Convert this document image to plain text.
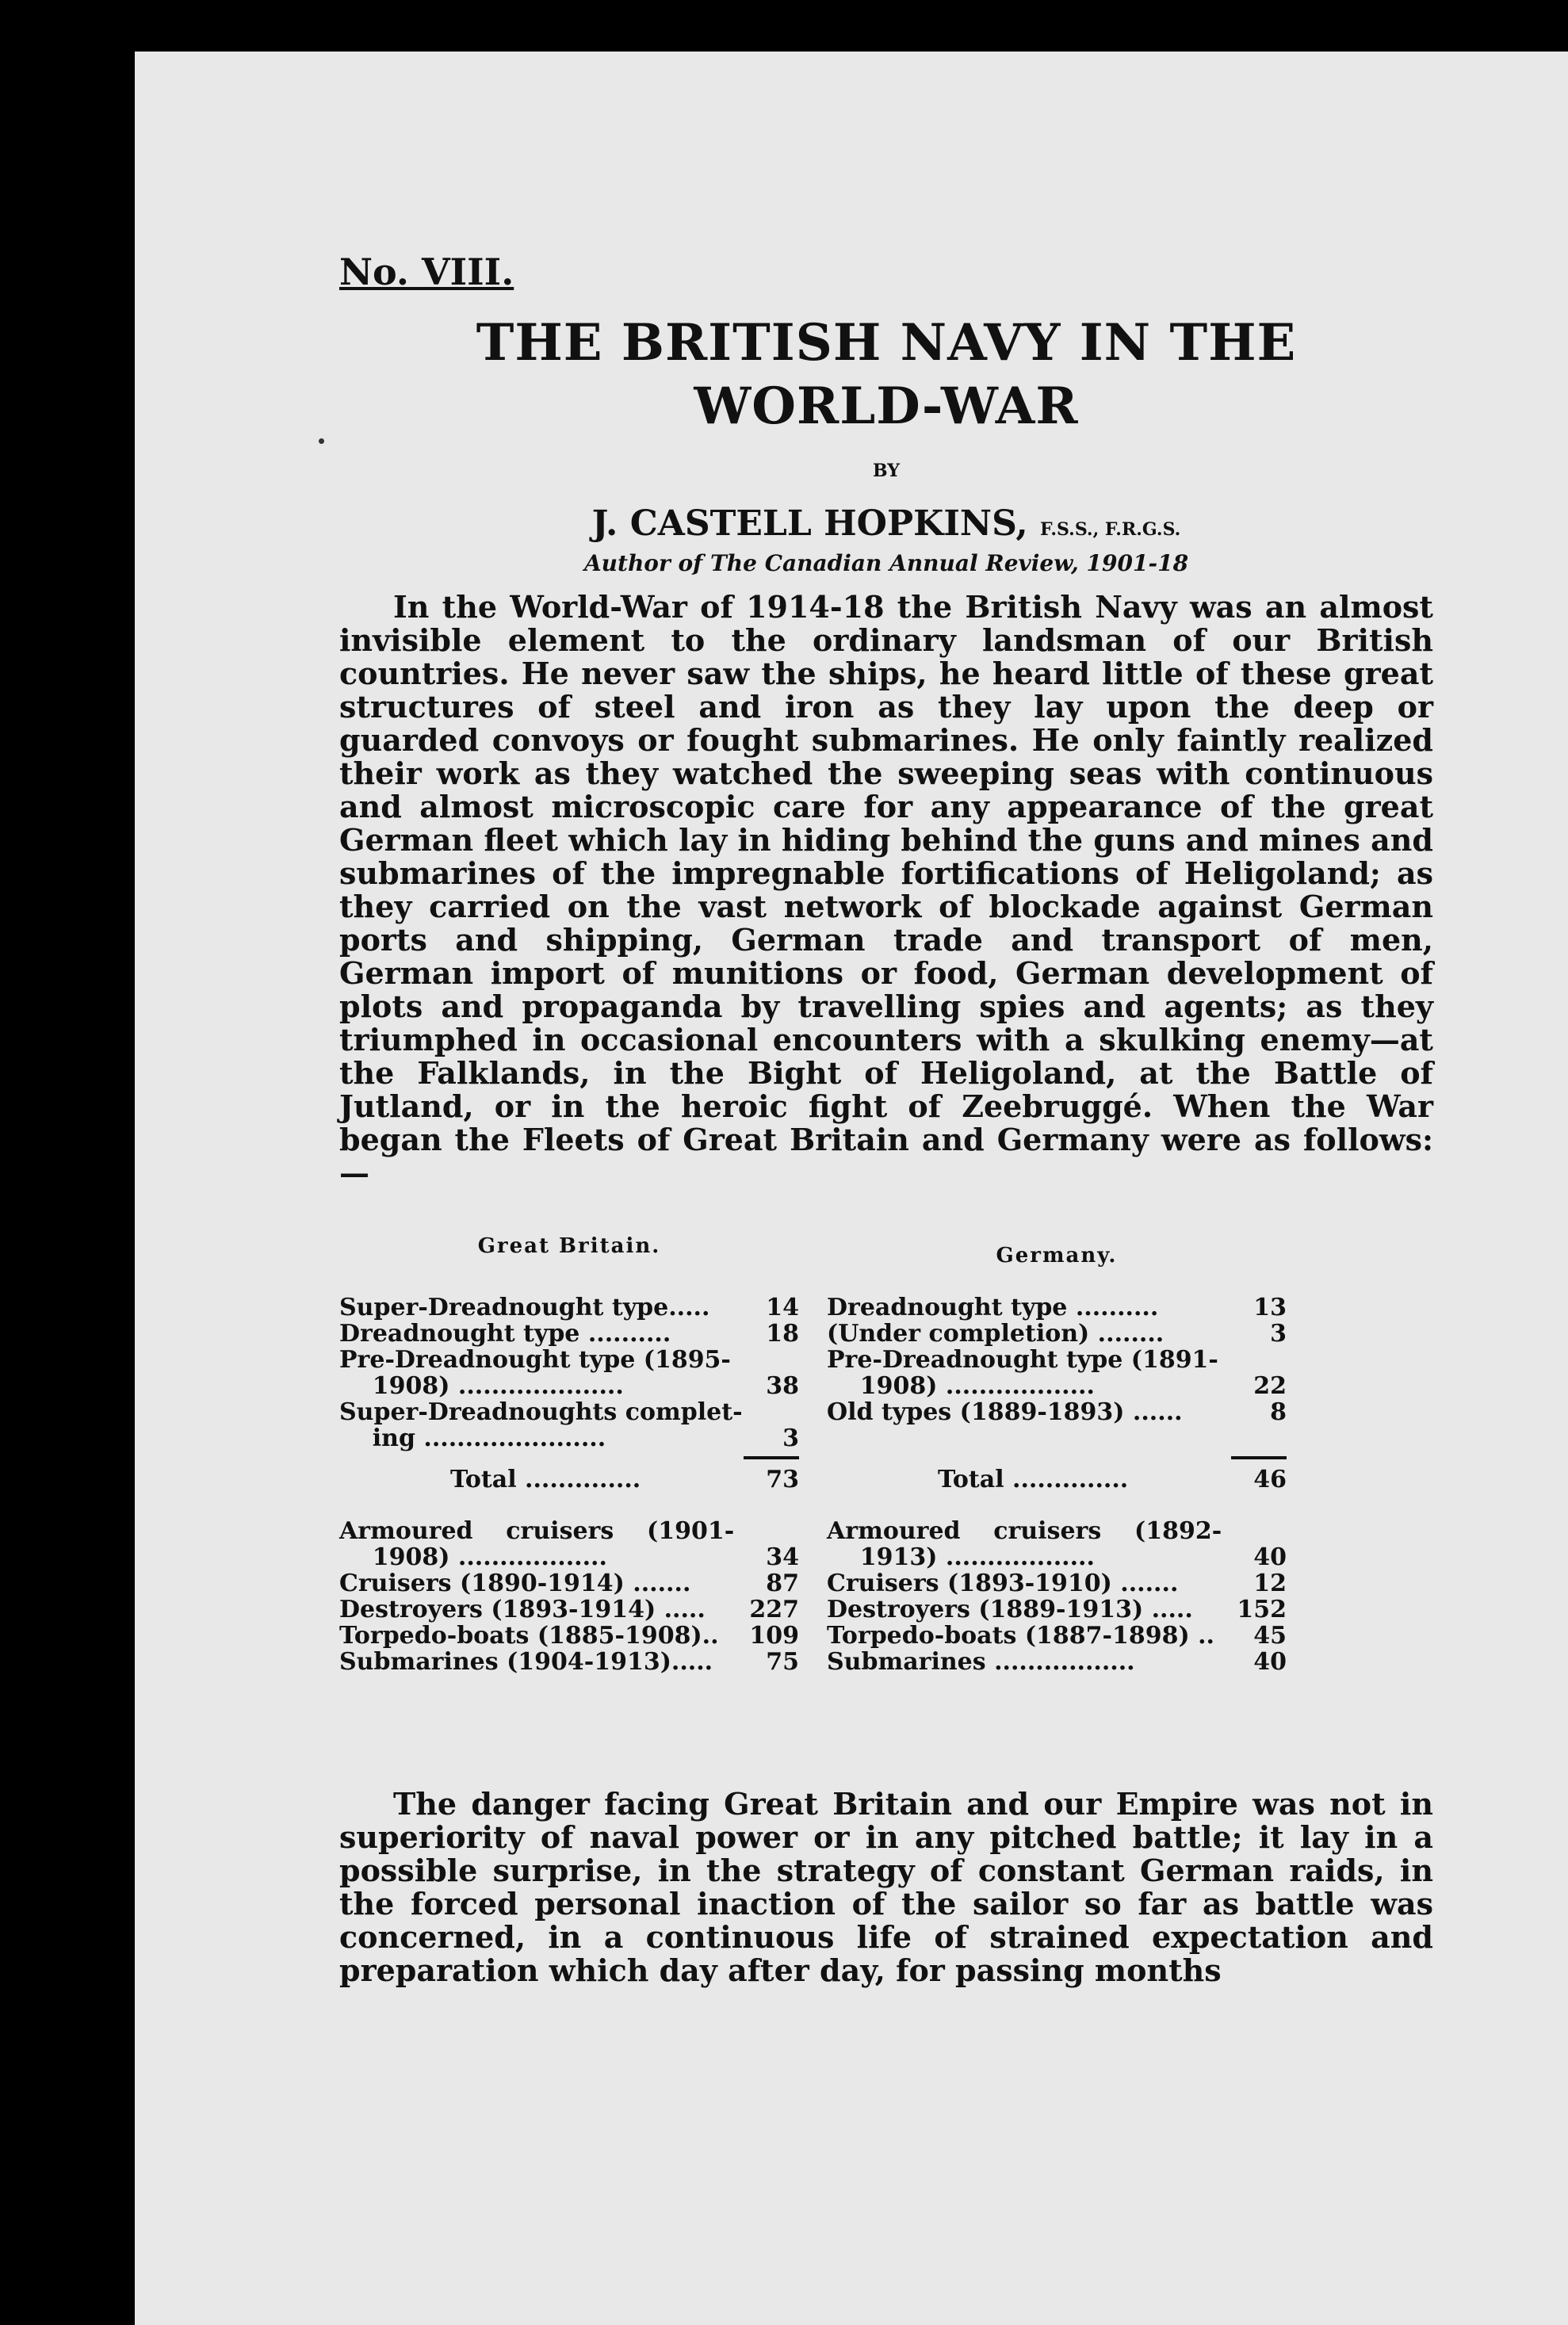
No. VIII.
THE BRITISH NAVY IN THE
WORLD-WAR
BY
J. CASTELL HOPKINS, F.S.S., F.R.G.S.
Author of The Canadian Annual Review, 1901-18
In the World-War of 1914-18 the British Navy was an almost invisible element to the ordinary landsman of our British countries. He never saw the ships, he heard little of these great structures of steel and iron as they lay upon the deep or guarded convoys or fought submarines. He only faintly realized their work as they watched the sweeping seas with continuous and almost microscopic care for any appearance of the great German fleet which lay in hiding behind the guns and mines and submarines of the impregnable fortifications of Heligoland; as they carried on the vast network of blockade against German ports and shipping, German trade and transport of men, German import of munitions or food, German development of plots and propaganda by travelling spies and agents; as they triumphed in occasional encounters with a skulking enemy—at the Falklands, in the Bight of Heligoland, at the Battle of Jutland, or in the heroic fight of Zeebruggé. When the War began the Fleets of Great Britain and Germany were as follows:—
Great Britain.
Super-Dreadnought type.....	14
Dreadnought type ..........	18
Pre-Dreadnought type (1895-
1908) ....................	38
Super-Dreadnoughts complet-
ing ......................	3
Total ..............	73
Armoured    cruisers    (1901-
1908) ..................	34
Cruisers (1890-1914) .......	87
Destroyers (1893-1914) ..... 227
Torpedo-boats (1885-1908).. 109
Submarines (1904-1913).....	75
Germany.
Dreadnought type ..........	13
(Under completion) ........	3
Pre-Dreadnought type (1891-
1908) ..................	22
Old types (1889-1893) ......	8
Total ..............	46
Armoured    cruisers    (1892-
1913) ..................	40
Cruisers (1893-1910) .......	12
Destroyers (1889-1913) ..... 152
Torpedo-boats (1887-1898) ..	45
Submarines .................	40
The danger facing Great Britain and our Empire was not in superiority of naval power or in any pitched battle; it lay in a possible surprise, in the strategy of constant German raids, in the forced personal inaction of the sailor so far as battle was concerned, in a continuous life of strained expectation and preparation which day after day, for passing months
